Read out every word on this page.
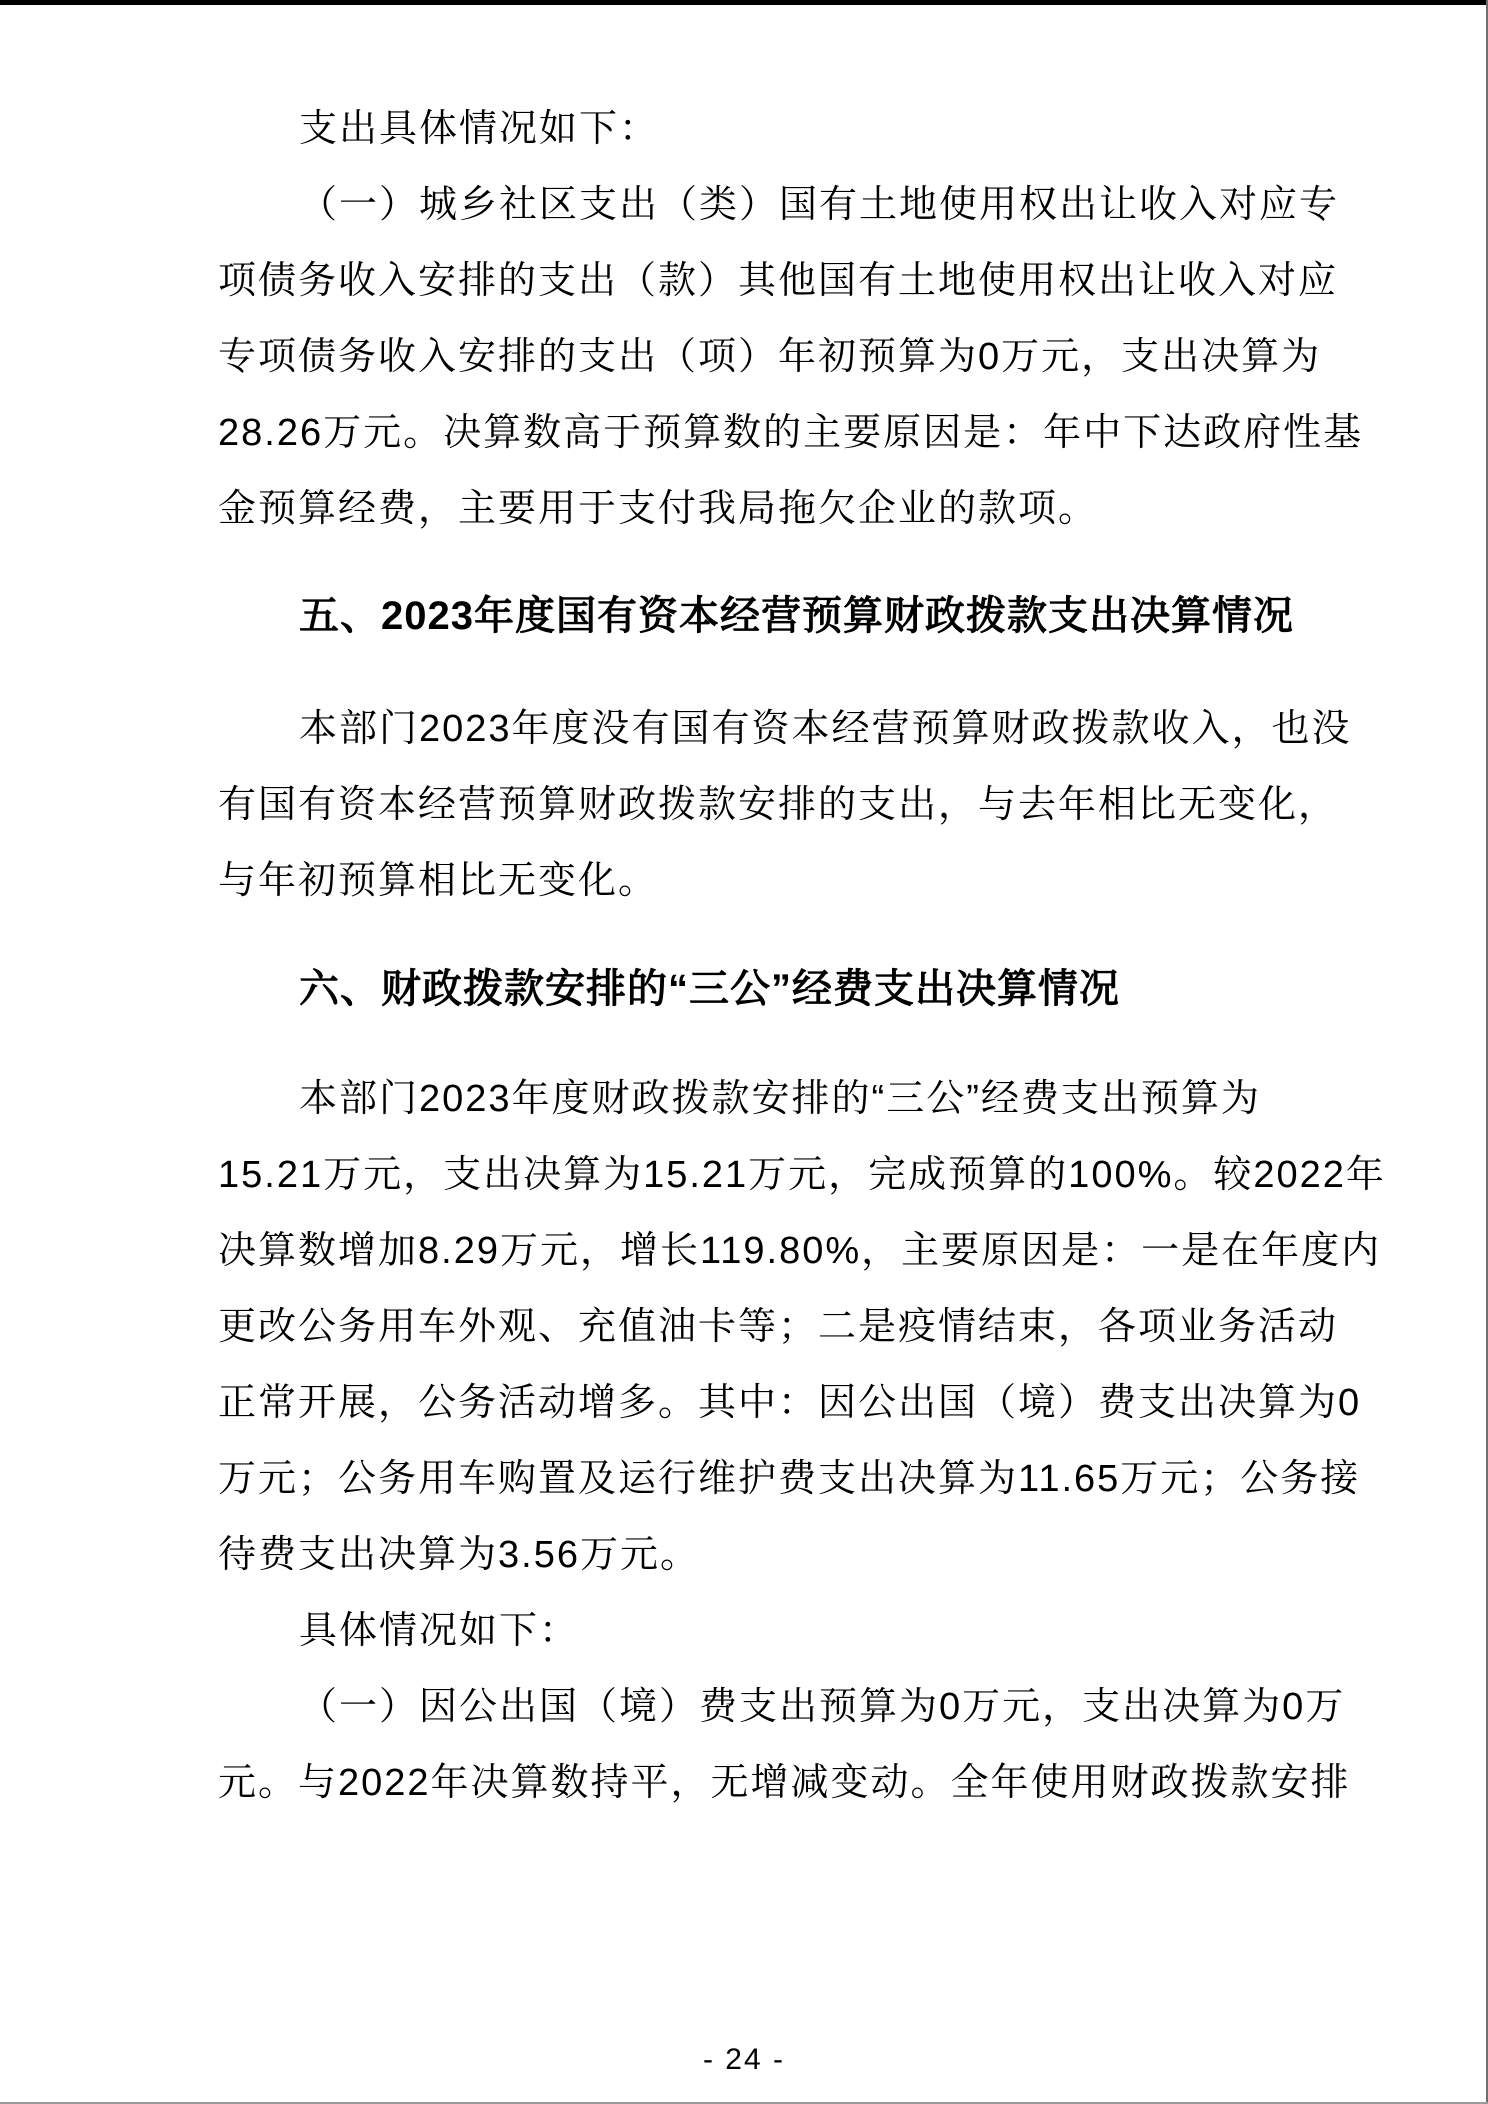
支出具体情况如下：
（一）城乡社区支出（类）国有土地使用权出让收入对应专
项债务收入安排的支出（款）其他国有土地使用权出让收入对应
专项债务收入安排的支出（项）年初预算为0万元，支出决算为
28.26万元。决算数高于预算数的主要原因是：年中下达政府性基
金预算经费，主要用于支付我局拖欠企业的款项。
五、2023年度国有资本经营预算财政拨款支出决算情况
本部门2023年度没有国有资本经营预算财政拨款收入，也没
有国有资本经营预算财政拨款安排的支出，与去年相比无变化，
与年初预算相比无变化。
六、财政拨款安排的“三公”经费支出决算情况
本部门2023年度财政拨款安排的“三公”经费支出预算为
15.21万元，支出决算为15.21万元，完成预算的100%。较2022年
决算数增加8.29万元，增长119.80%，主要原因是：一是在年度内
更改公务用车外观、充值油卡等；二是疫情结束，各项业务活动
正常开展，公务活动增多。其中：因公出国（境）费支出决算为0
万元；公务用车购置及运行维护费支出决算为11.65万元；公务接
待费支出决算为3.56万元。
具体情况如下：
（一）因公出国（境）费支出预算为0万元，支出决算为0万
元。与2022年决算数持平，无增减变动。全年使用财政拨款安排
- 24 -
